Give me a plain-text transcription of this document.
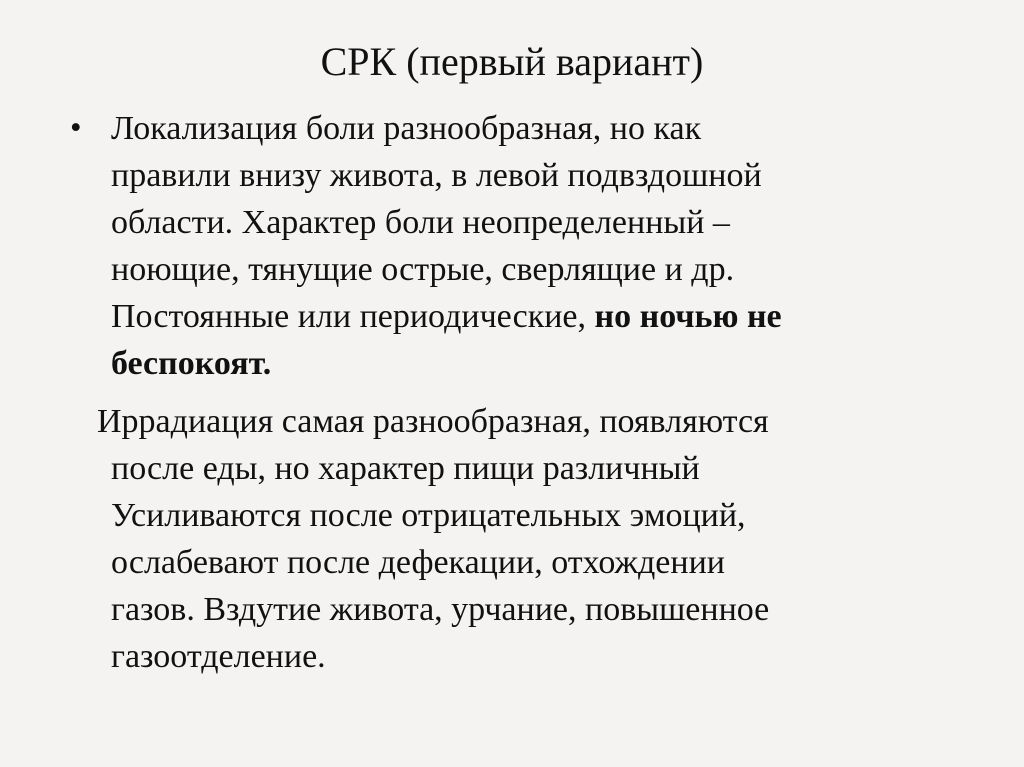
СРК (первый вариант)
• Локализация боли разнообразная, но как
правили внизу живота, в левой подвздошной
области. Характер боли неопределенный –
ноющие, тянущие острые, сверлящие и др.
Постоянные или периодические, но ночью не
беспокоят.
Иррадиация самая разнообразная, появляются
после еды, но характер пищи различный
Усиливаются после отрицательных эмоций,
ослабевают после дефекации, отхождении
газов. Вздутие живота, урчание, повышенное
газоотделение.
